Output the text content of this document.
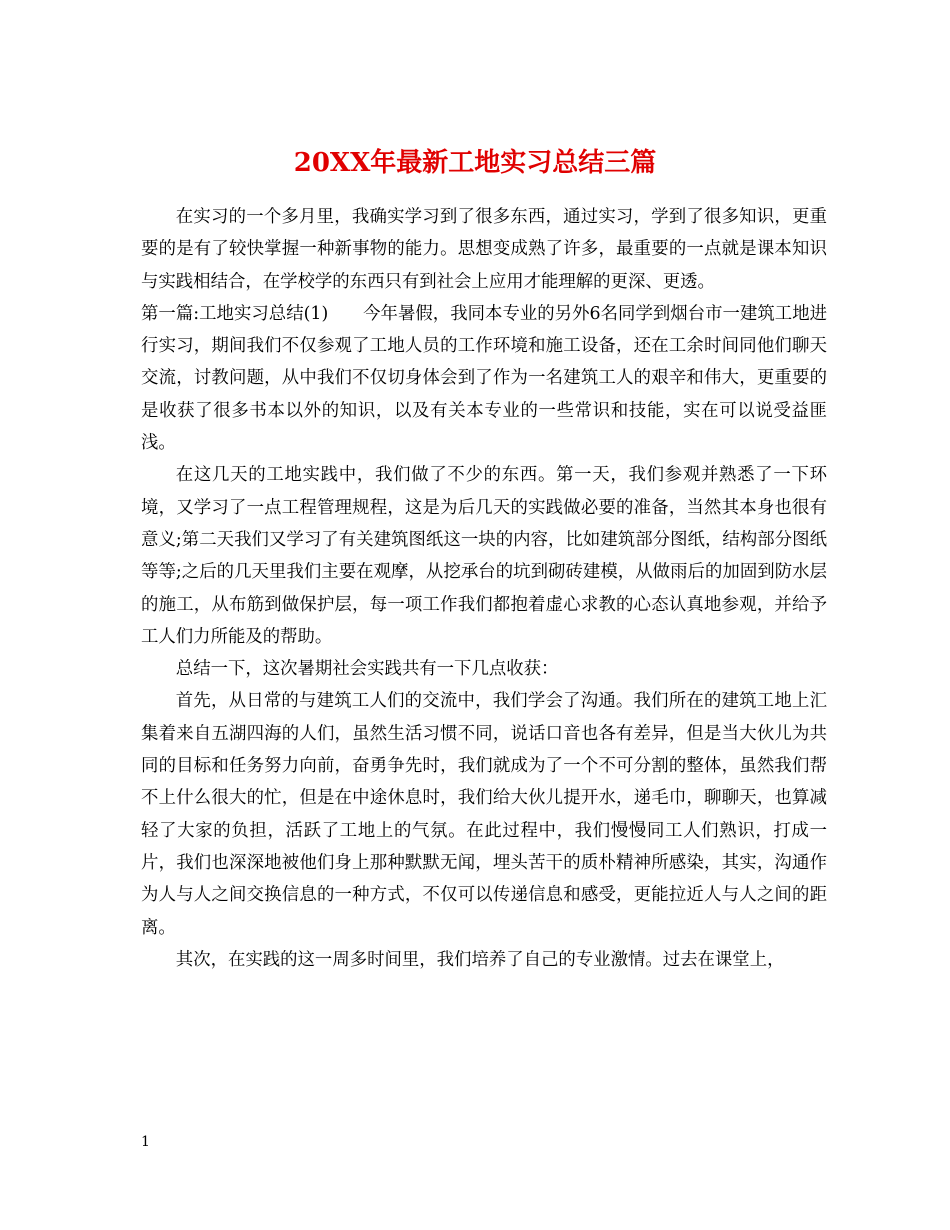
20XX年最新工地实习总结三篇

在实习的一个多月里，我确实学习到了很多东西，通过实习，学到了很多知识，更重要的是有了较快掌握一种新事物的能力。思想变成熟了许多，最重要的一点就是课本知识与实践相结合，在学校学的东西只有到社会上应用才能理解的更深、更透。

第一篇:工地实习总结(1)　　今年暑假，我同本专业的另外6名同学到烟台市一建筑工地进行实习，期间我们不仅参观了工地人员的工作环境和施工设备，还在工余时间同他们聊天交流，讨教问题，从中我们不仅切身体会到了作为一名建筑工人的艰辛和伟大，更重要的是收获了很多书本以外的知识，以及有关本专业的一些常识和技能，实在可以说受益匪浅。

在这几天的工地实践中，我们做了不少的东西。第一天，我们参观并熟悉了一下环境，又学习了一点工程管理规程，这是为后几天的实践做必要的准备，当然其本身也很有意义;第二天我们又学习了有关建筑图纸这一块的内容，比如建筑部分图纸，结构部分图纸等等;之后的几天里我们主要在观摩，从挖承台的坑到砌砖建模，从做雨后的加固到防水层的施工，从布筋到做保护层，每一项工作我们都抱着虚心求教的心态认真地参观，并给予工人们力所能及的帮助。

总结一下，这次暑期社会实践共有一下几点收获：

首先，从日常的与建筑工人们的交流中，我们学会了沟通。我们所在的建筑工地上汇集着来自五湖四海的人们，虽然生活习惯不同，说话口音也各有差异，但是当大伙儿为共同的目标和任务努力向前，奋勇争先时，我们就成为了一个不可分割的整体，虽然我们帮不上什么很大的忙，但是在中途休息时，我们给大伙儿提开水，递毛巾，聊聊天，也算减轻了大家的负担，活跃了工地上的气氛。在此过程中，我们慢慢同工人们熟识，打成一片，我们也深深地被他们身上那种默默无闻，埋头苦干的质朴精神所感染，其实，沟通作为人与人之间交换信息的一种方式，不仅可以传递信息和感受，更能拉近人与人之间的距离。

其次，在实践的这一周多时间里，我们培养了自己的专业激情。过去在课堂上，

1
